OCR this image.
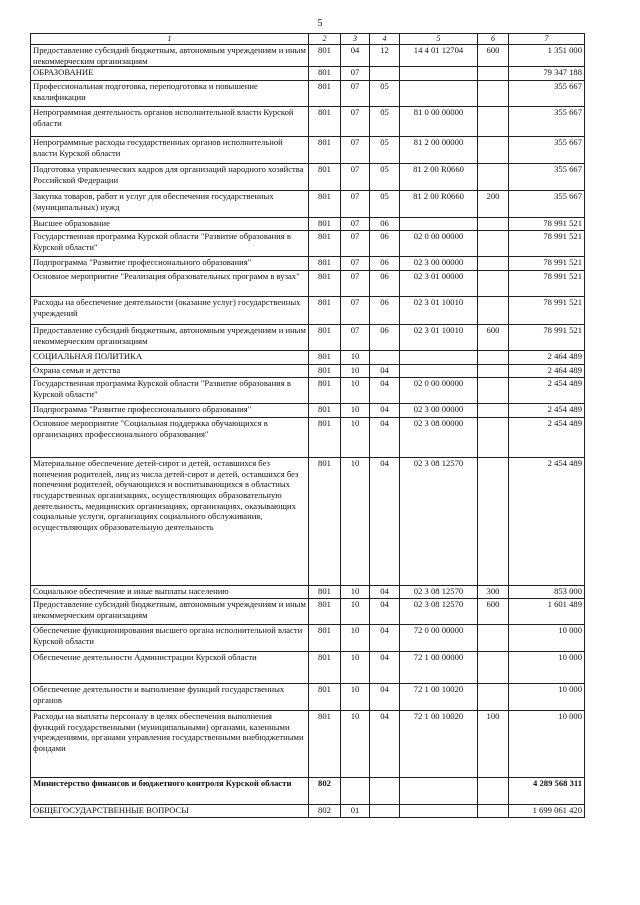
5
1	2	3	4	5	6	7
Предоставление субсидий бюджетным, автономным учреждениям и иным некоммерческим организациям	801	04	12	14 4 01 12704	600	1 351 000
ОБРАЗОВАНИЕ	801	07				79 347 188
Профессиональная подготовка, переподготовка и повышение квалификации	801	07	05			355 667
Непрограммная деятельность органов исполнительной власти Курской области	801	07	05	81 0 00 00000		355 667
Непрограммные расходы государственных органов исполнительной власти Курской области	801	07	05	81 2 00 00000		355 667
Подготовка управленческих кадров для организаций народного хозяйства Российской Федерации	801	07	05	81 2 00 R0660		355 667
Закупка товаров, работ и услуг для обеспечения государственных (муниципальных) нужд	801	07	05	81 2 00 R0660	200	355 667
Высшее образование	801	07	06			78 991 521
Государственная программа Курской области "Развитие образования в Курской области"	801	07	06	02 0 00 00000		78 991 521
Подпрограмма "Развитие профессионального образования"	801	07	06	02 3 00 00000		78 991 521
Основное мероприятие "Реализация образовательных программ в вузах"	801	07	06	02 3 01 00000		78 991 521
Расходы на обеспечение деятельности (оказание услуг) государственных учреждений	801	07	06	02 3 01 10010		78 991 521
Предоставление субсидий бюджетным, автономным учреждениям и иным некоммерческим организациям	801	07	06	02 3 01 10010	600	78 991 521
СОЦИАЛЬНАЯ ПОЛИТИКА	801	10				2 464 489
Охрана семьи и детства	801	10	04			2 464 489
Государственная программа Курской области "Развитие образования в Курской области"	801	10	04	02 0 00 00000		2 454 489
Подпрограмма "Развитие профессионального образования"	801	10	04	02 3 00 00000		2 454 489
Основное мероприятие "Социальная поддержка обучающихся в организациях профессионального образования"	801	10	04	02 3 08 00000		2 454 489
Материальное обеспечение детей-сирот и детей, оставшихся без попечения родителей, лиц из числа детей-сирот и детей, оставшихся без попечения родителей, обучающихся и воспитывающихся в областных государственных организациях, осуществляющих образовательную деятельность, медицинских организациях, организациях, оказывающих социальные услуги, организациях социального обслуживания, осуществляющих образовательную деятельность	801	10	04	02 3 08 12570		2 454 489
Социальное обеспечение и иные выплаты населению	801	10	04	02 3 08 12570	300	853 000
Предоставление субсидий бюджетным, автономным учреждениям и иным некоммерческим организациям	801	10	04	02 3 08 12570	600	1 601 489
Обеспечение функционирования высшего органа исполнительной власти Курской области	801	10	04	72 0 00 00000		10 000
Обеспечение деятельности Администрации Курской области	801	10	04	72 1 00 00000		10 000
Обеспечение деятельности и выполнение функций государственных органов	801	10	04	72 1 00 10020		10 000
Расходы на выплаты персоналу в целях обеспечения выполнения функций государственными (муниципальными) органами, казенными учреждениями, органами управления государственными внебюджетными фондами	801	10	04	72 1 00 10020	100	10 000
Министерство финансов и бюджетного контроля Курской области	802					4 289 568 311
ОБЩЕГОСУДАРСТВЕННЫЕ ВОПРОСЫ	802	01				1 699 061 420
